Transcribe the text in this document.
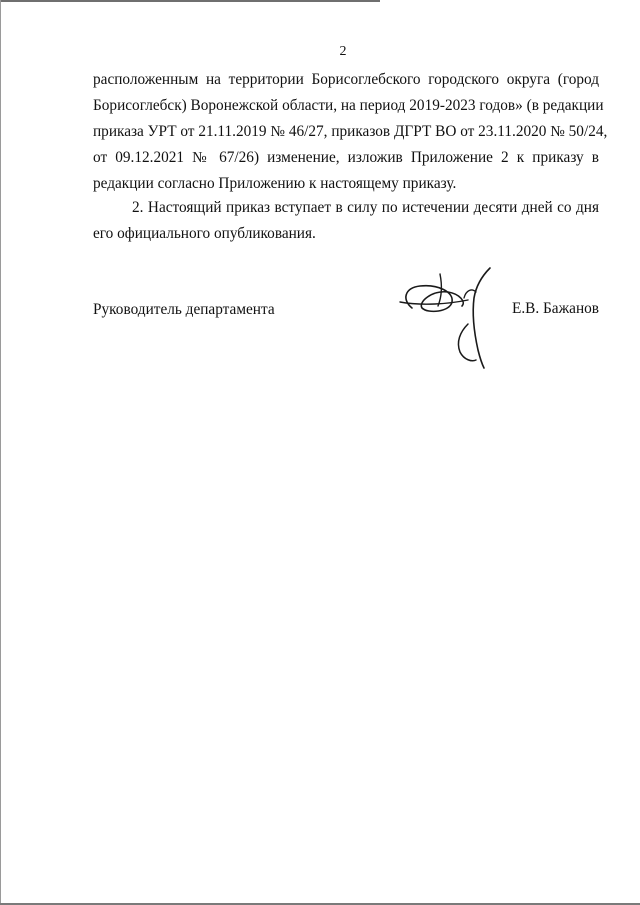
2
расположенным на территории Борисоглебского городского округа (город
Борисоглебск) Воронежской области, на период 2019-2023 годов» (в редакции
приказа УРТ от 21.11.2019 № 46/27, приказов ДГРТ ВО от 23.11.2020 № 50/24,
от 09.12.2021 № 67/26) изменение, изложив Приложение 2 к приказу в
редакции согласно Приложению к настоящему приказу.
2. Настоящий приказ вступает в силу по истечении десяти дней со дня
его официального опубликования.
Руководитель департамента	Е.В. Бажанов
